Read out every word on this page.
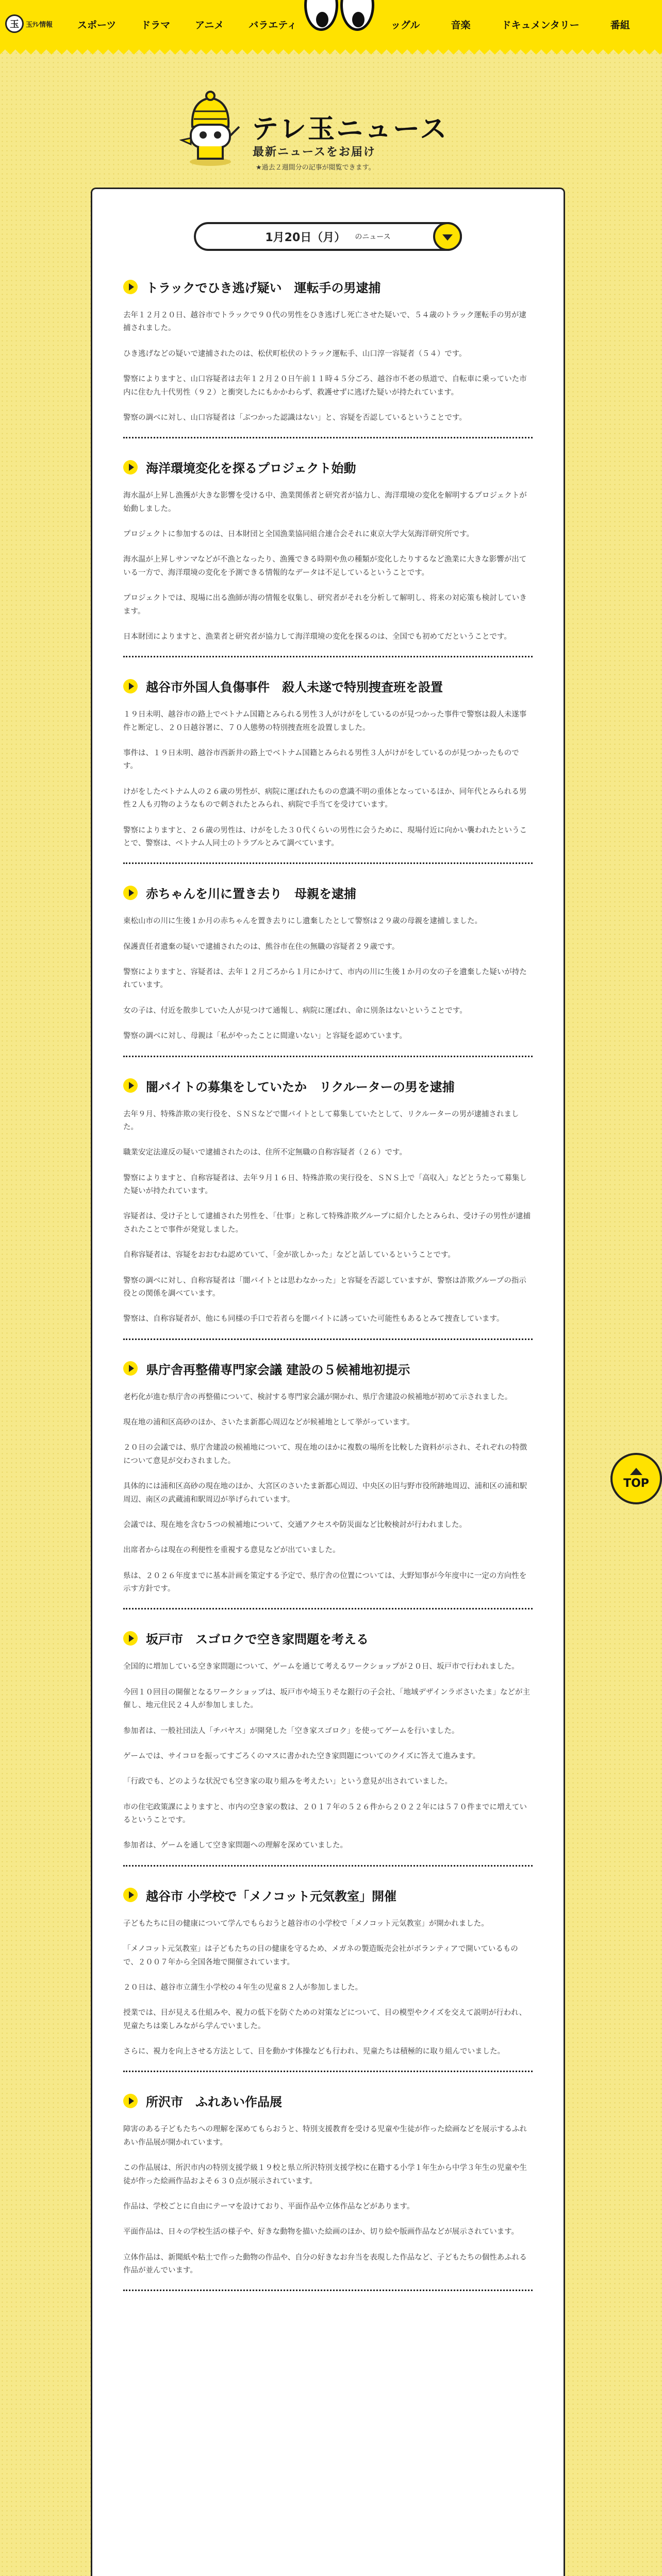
玉	玉ﾃﾚ情報	スポーツ	ドラマ	アニメ	バラエティ	ッグル	音楽	ドキュメンタリー	番組
テレ玉ニュース
最新ニュースをお届け
★過去２週間分の記事が閲覧できます。
1月20日（月） のニュース
トラックでひき逃げ疑い　運転手の男逮捕

去年１２月２０日、越谷市でトラックで９０代の男性をひき逃げし死亡させた疑いで、５４歳のトラック運転手の男が逮捕されました。

ひき逃げなどの疑いで逮捕されたのは、松伏町松伏のトラック運転手、山口淳一容疑者（５４）です。

警察によりますと、山口容疑者は去年１２月２０日午前１１時４５分ごろ、越谷市不老の県道で、自転車に乗っていた市内に住む九十代男性（９２）と衝突したにもかかわらず、救護せずに逃げた疑いが持たれています。

警察の調べに対し、山口容疑者は「ぶつかった認識はない」と、容疑を否認しているということです。

海洋環境変化を探るプロジェクト始動

海水温が上昇し漁獲が大きな影響を受ける中、漁業関係者と研究者が協力し、海洋環境の変化を解明するプロジェクトが始動しました。

プロジェクトに参加するのは、日本財団と全国漁業協同組合連合会それに東京大学大気海洋研究所です。

海水温が上昇しサンマなどが不漁となったり、漁獲できる時期や魚の種類が変化したりするなど漁業に大きな影響が出ている一方で、海洋環境の変化を予測できる情報的なデータは不足しているということです。

プロジェクトでは、現場に出る漁師が海の情報を収集し、研究者がそれを分析して解明し、将来の対応策も検討していきます。

日本財団によりますと、漁業者と研究者が協力して海洋環境の変化を探るのは、全国でも初めてだということです。

越谷市外国人負傷事件　殺人未遂で特別捜査班を設置

１９日未明、越谷市の路上でベトナム国籍とみられる男性３人がけがをしているのが見つかった事件で警察は殺人未遂事件と断定し、２０日越谷署に、７０人態勢の特別捜査班を設置しました。

事件は、１９日未明、越谷市西新井の路上でベトナム国籍とみられる男性３人がけがをしているのが見つかったものです。

けがをしたベトナム人の２６歳の男性が、病院に運ばれたものの意識不明の重体となっているほか、同年代とみられる男性２人も刃物のようなもので刺されたとみられ、病院で手当てを受けています。

警察によりますと、２６歳の男性は、けがをした３０代くらいの男性に会うために、現場付近に向かい襲われたということで、警察は、ベトナム人同士のトラブルとみて調べています。

赤ちゃんを川に置き去り　母親を逮捕

東松山市の川に生後１か月の赤ちゃんを置き去りにし遺棄したとして警察は２９歳の母親を逮捕しました。

保護責任者遺棄の疑いで逮捕されたのは、熊谷市在住の無職の容疑者２９歳です。

警察によりますと、容疑者は、去年１２月ごろから１月にかけて、市内の川に生後１か月の女の子を遺棄した疑いが持たれています。

女の子は、付近を散歩していた人が見つけて通報し、病院に運ばれ、命に別条はないということです。

警察の調べに対し、母親は「私がやったことに間違いない」と容疑を認めています。

闇バイトの募集をしていたか　リクルーターの男を逮捕

去年９月、特殊詐欺の実行役を、ＳＮＳなどで闇バイトとして募集していたとして、リクルーターの男が逮捕されました。

職業安定法違反の疑いで逮捕されたのは、住所不定無職の自称容疑者（２６）です。

警察によりますと、自称容疑者は、去年９月１６日、特殊詐欺の実行役を、ＳＮＳ上で「高収入」などとうたって募集した疑いが持たれています。

容疑者は、受け子として逮捕された男性を、「仕事」と称して特殊詐欺グループに紹介したとみられ、受け子の男性が逮捕されたことで事件が発覚しました。

自称容疑者は、容疑をおおむね認めていて、「金が欲しかった」などと話しているということです。

警察の調べに対し、自称容疑者は「闇バイトとは思わなかった」と容疑を否認していますが、警察は詐欺グループの指示役との関係を調べています。

警察は、自称容疑者が、他にも同様の手口で若者らを闇バイトに誘っていた可能性もあるとみて捜査しています。

県庁舎再整備専門家会議 建設の５候補地初提示

老朽化が進む県庁舎の再整備について、検討する専門家会議が開かれ、県庁舎建設の候補地が初めて示されました。

現在地の浦和区高砂のほか、さいたま新都心周辺などが候補地として挙がっています。

２０日の会議では、県庁舎建設の候補地について、現在地のほかに複数の場所を比較した資料が示され、それぞれの特徴について意見が交わされました。

具体的には浦和区高砂の現在地のほか、大宮区のさいたま新都心周辺、中央区の旧与野市役所跡地周辺、浦和区の浦和駅周辺、南区の武蔵浦和駅周辺が挙げられています。

会議では、現在地を含む５つの候補地について、交通アクセスや防災面など比較検討が行われました。

出席者からは現在の利便性を重視する意見などが出ていました。

県は、２０２６年度までに基本計画を策定する予定で、県庁舎の位置については、大野知事が今年度中に一定の方向性を示す方針です。

坂戸市　スゴロクで空き家問題を考える

全国的に増加している空き家問題について、ゲームを通じて考えるワークショップが２０日、坂戸市で行われました。

今回１０回目の開催となるワークショップは、坂戸市や埼玉りそな銀行の子会社、「地域デザインラボさいたま」などが主催し、地元住民２４人が参加しました。

参加者は、一般社団法人「チバヤス」が開発した「空き家スゴロク」を使ってゲームを行いました。

ゲームでは、サイコロを振ってすごろくのマスに書かれた空き家問題についてのクイズに答えて進みます。

「行政でも、どのような状況でも空き家の取り組みを考えたい」という意見が出されていました。

市の住宅政策課によりますと、市内の空き家の数は、２０１７年の５２６件から２０２２年には５７０件までに増えているということです。

参加者は、ゲームを通して空き家問題への理解を深めていました。

越谷市 小学校で「メノコット元気教室」開催

子どもたちに目の健康について学んでもらおうと越谷市の小学校で「メノコット元気教室」が開かれました。

「メノコット元気教室」は子どもたちの目の健康を守るため、メガネの製造販売会社がボランティアで開いているもので、２００７年から全国各地で開催されています。

２０日は、越谷市立蒲生小学校の４年生の児童８２人が参加しました。

授業では、目が見える仕組みや、視力の低下を防ぐための対策などについて、目の模型やクイズを交えて説明が行われ、児童たちは楽しみながら学んでいました。

さらに、視力を向上させる方法として、目を動かす体操なども行われ、児童たちは積極的に取り組んでいました。

所沢市　ふれあい作品展

障害のある子どもたちへの理解を深めてもらおうと、特別支援教育を受ける児童や生徒が作った絵画などを展示するふれあい作品展が開かれています。

この作品展は、所沢市内の特別支援学級１９校と県立所沢特別支援学校に在籍する小学１年生から中学３年生の児童や生徒が作った絵画作品およそ６３０点が展示されています。

作品は、学校ごとに自由にテーマを設けており、平面作品や立体作品などがあります。

平面作品は、日々の学校生活の様子や、好きな動物を描いた絵画のほか、切り絵や版画作品などが展示されています。

立体作品は、新聞紙や粘土で作った動物の作品や、自分の好きなお弁当を表現した作品など、子どもたちの個性あふれる作品が並んでいます。

TOP
